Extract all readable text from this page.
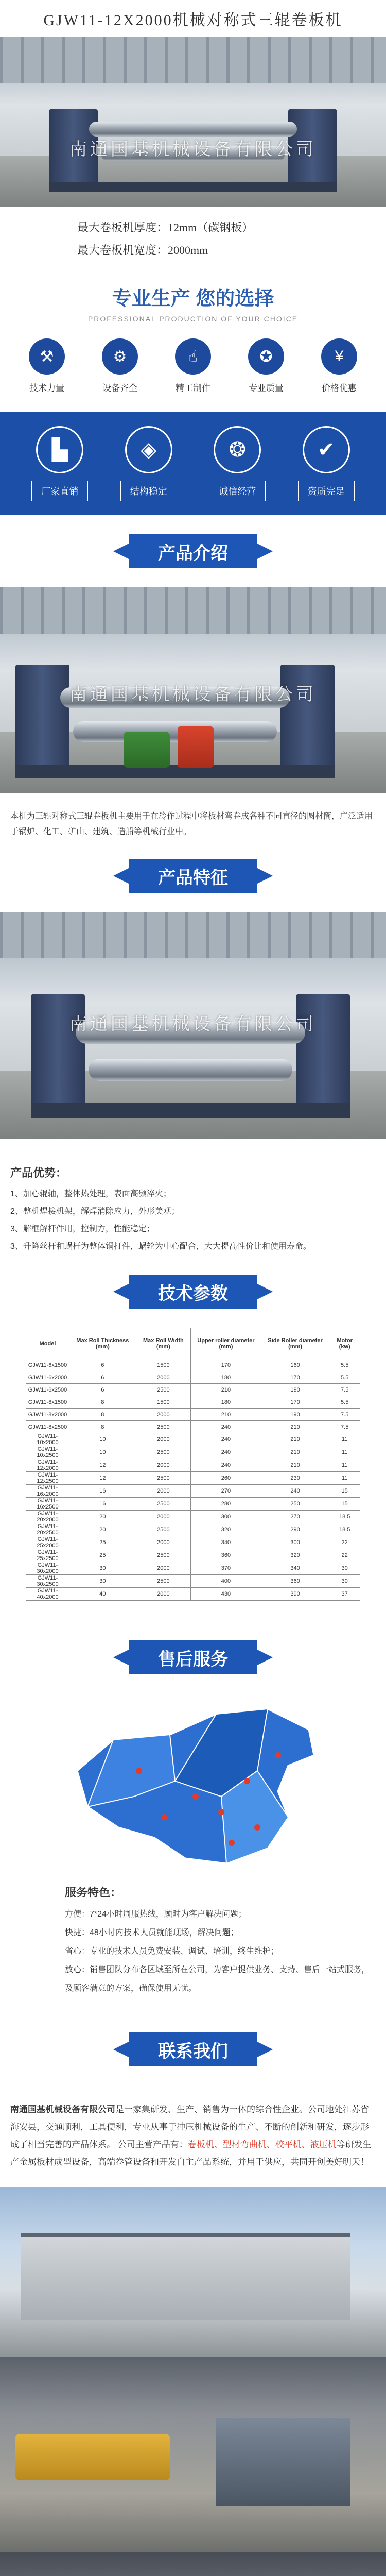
GJW11-12X2000机械对称式三辊卷板机
南通国基机械设备有限公司
最大卷板机厚度：12mm（碳钢板）
最大卷板机宽度：2000mm
专业生产 您的选择
PROFESSIONAL PRODUCTION OF YOUR CHOICE
⚒
技术力量
⚙
设备齐全
☝
精工制作
✪
专业质量
¥
价格优惠
▙
厂家直销
◈
结构稳定
❂
诚信经营
✔
资质完足
产品介绍
南通国基机械设备有限公司
本机为三辊对称式三辊卷板机主要用于在冷作过程中将板材弯卷成各种不同直径的圆材筒，广泛适用于锅炉、化工、矿山、建筑、造船等机械行业中。
产品特征
南通国基机械设备有限公司
产品优势：
1、加心辊轴，整体热处理，表面高频淬火；
2、整机焊接机架，解焊消除应力，外形美观；
3、解框解杆件用，控制方，性能稳定；
3、升降丝杆和蜗杆为整体铜打件，蜗轮为中心配合，大大提高性价比和使用寿命。
技术参数
Model	Max Roll Thickness (mm)	Max Roll Width (mm)	Upper roller diameter (mm)	Side Roller diameter (mm)	Motor (kw)
GJW11-6x1500	6	1500	170	160	5.5
GJW11-6x2000	6	2000	180	170	5.5
GJW11-6x2500	6	2500	210	190	7.5
GJW11-8x1500	8	1500	180	170	5.5
GJW11-8x2000	8	2000	210	190	7.5
GJW11-8x2500	8	2500	240	210	7.5
GJW11-10x2000	10	2000	240	210	11
GJW11-10x2500	10	2500	240	210	11
GJW11-12x2000	12	2000	240	210	11
GJW11-12x2500	12	2500	260	230	11
GJW11-16x2000	16	2000	270	240	15
GJW11-16x2500	16	2500	280	250	15
GJW11-20x2000	20	2000	300	270	18.5
GJW11-20x2500	20	2500	320	290	18.5
GJW11-25x2000	25	2000	340	300	22
GJW11-25x2500	25	2500	360	320	22
GJW11-30x2000	30	2000	370	340	30
GJW11-30x2500	30	2500	400	360	30
GJW11-40x2000	40	2000	430	390	37
售后服务
服务特色：
方便：7*24小时周服热线，顾时为客户解决问题；
快捷：48小时内技术人员就能现场，解决问题；
省心：专业的技术人员免费安装、调试、培训，终生维护；
放心：销售团队分布各区域至所在公司，为客户提供业务、支持、售后一站式服务，及顾客满意的方案，确保使用无忧。
联系我们
南通国基机械设备有限公司是一家集研发、生产、销售为一体的综合性企业。公司地处江苏省海安县，交通顺利，工具便利，专业从事于冲压机械设备的生产、不断的创新和研发，逐步形成了相当完善的产品体系。 公司主营产品有：卷板机、型材弯曲机、校平机、液压机等研发生产金属板材成型设备，高端卷管设备和开发自主产品系统，并用于供应，共同开创美好明天！
